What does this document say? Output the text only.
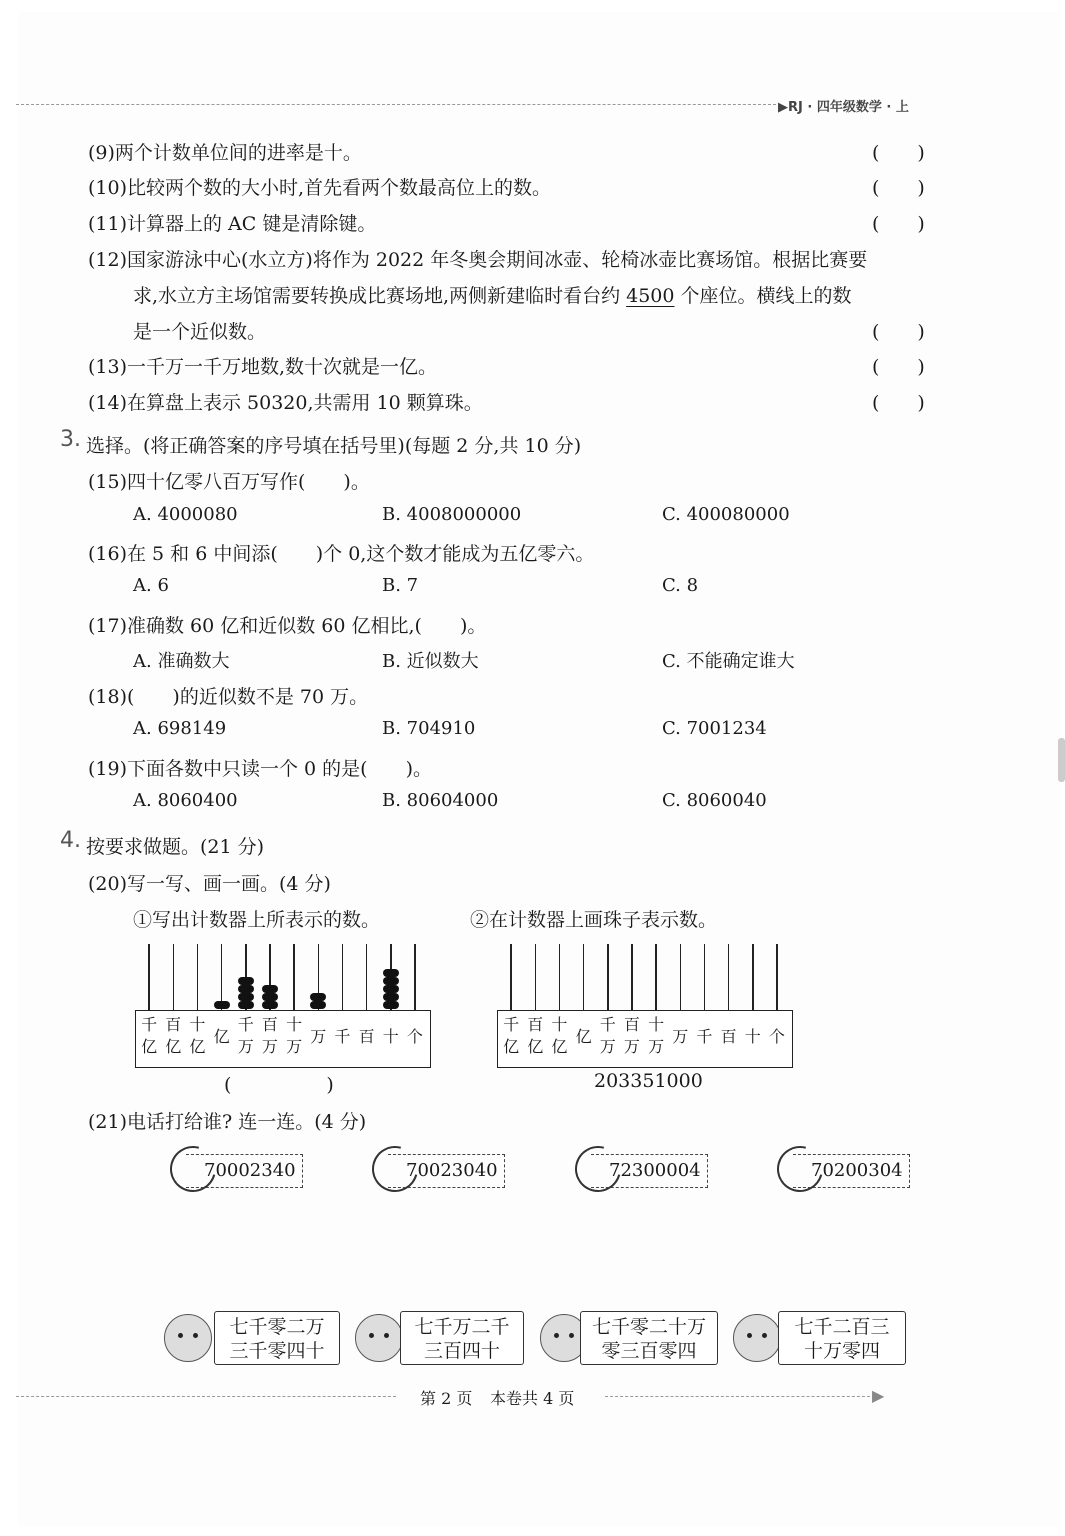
▶RJ · 四年级数学 · 上
(9)两个计数单位间的进率是十。	(　　)
(10)比较两个数的大小时,首先看两个数最高位上的数。	(　　)
(11)计算器上的 AC 键是清除键。	(　　)
(12)国家游泳中心(水立方)将作为 2022 年冬奥会期间冰壶、轮椅冰壶比赛场馆。根据比赛要
求,水立方主场馆需要转换成比赛场地,两侧新建临时看台约 4500 个座位。横线上的数
是一个近似数。	(　　)
(13)一千万一千万地数,数十次就是一亿。	(　　)
(14)在算盘上表示 50320,共需用 10 颗算珠。	(　　)
3. 选择。(将正确答案的序号填在括号里)(每题 2 分,共 10 分)
(15)四十亿零八百万写作(　　)。
A. 4000080	B. 4008000000	C. 400080000
(16)在 5 和 6 中间添(　　)个 0,这个数才能成为五亿零六。
A. 6	B. 7	C. 8
(17)准确数 60 亿和近似数 60 亿相比,(　　)。
A. 准确数大	B. 近似数大	C. 不能确定谁大
(18)(　　)的近似数不是 70 万。
A. 698149	B. 704910	C. 7001234
(19)下面各数中只读一个 0 的是(　　)。
A. 8060400	B. 80604000	C. 8060040
4. 按要求做题。(21 分)
(20)写一写、画一画。(4 分)
①写出计数器上所表示的数。	②在计数器上画珠子表示数。
千
亿
百
亿
十
亿
亿
千
万
百
万
十
万
万 千 百 十 个
(　　　　　)
千
亿
百
亿
十
亿
亿
千
万
百
万
十
万
万 千 百 十 个
203351000
(21)电话打给谁? 连一连。(4 分)
70002340	70023040	72300004	70200304
七千零二万
三千零四十
七千万二千
三百四十
七千零二十万
零三百零四
七千二百三
十万零四
第 2 页 本卷共 4 页	▶
